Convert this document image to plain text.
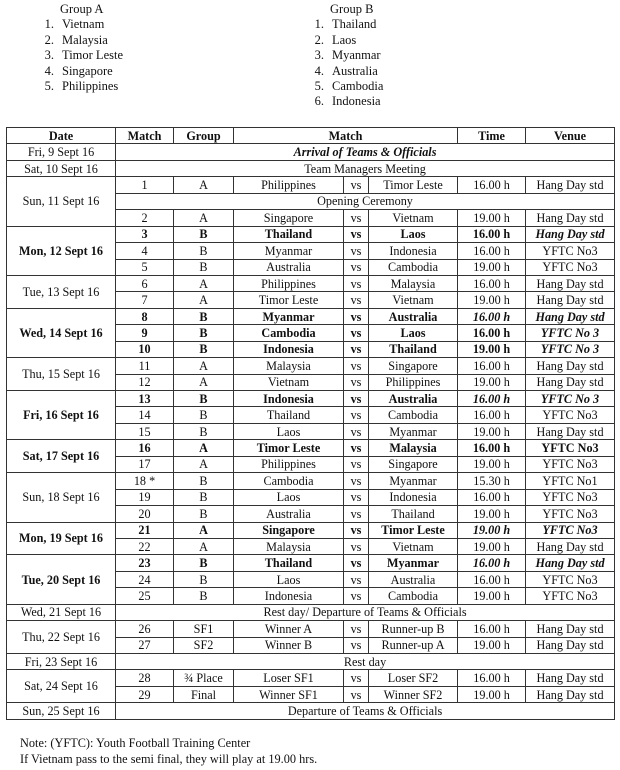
Group A
1. Vietnam
2. Malaysia
3. Timor Leste
4. Singapore
5. Philippines
Group B
1. Thailand
2. Laos
3. Myanmar
4. Australia
5. Cambodia
6. Indonesia
Date	Match	Group	Match			Time	Venue
Fri, 9 Sept 16	Arrival of Teams & Officials						
Sat, 10 Sept 16	Team Managers Meeting						
Sun, 11 Sept 16	1	A	Philippines	vs	Timor Leste	16.00 h	Hang Day std
	Opening Ceremony						
	2	A	Singapore	vs	Vietnam	19.00 h	Hang Day std
Mon, 12 Sept 16	3	B	Thailand	vs	Laos	16.00 h	Hang Day std
	4	B	Myanmar	vs	Indonesia	16.00 h	YFTC No3
	5	B	Australia	vs	Cambodia	19.00 h	YFTC No3
Tue, 13 Sept 16	6	A	Philippines	vs	Malaysia	16.00 h	Hang Day std
	7	A	Timor Leste	vs	Vietnam	19.00 h	Hang Day std
Wed, 14 Sept 16	8	B	Myanmar	vs	Australia	16.00 h	Hang Day std
	9	B	Cambodia	vs	Laos	16.00 h	YFTC No 3
	10	B	Indonesia	vs	Thailand	19.00 h	YFTC No 3
Thu, 15 Sept 16	11	A	Malaysia	vs	Singapore	16.00 h	Hang Day std
	12	A	Vietnam	vs	Philippines	19.00 h	Hang Day std
Fri, 16 Sept 16	13	B	Indonesia	vs	Australia	16.00 h	YFTC No 3
	14	B	Thailand	vs	Cambodia	16.00 h	YFTC No3
	15	B	Laos	vs	Myanmar	19.00 h	Hang Day std
Sat, 17 Sept 16	16	A	Timor Leste	vs	Malaysia	16.00 h	YFTC No3
	17	A	Philippines	vs	Singapore	19.00 h	YFTC No3
Sun, 18 Sept 16	18 *	B	Cambodia	vs	Myanmar	15.30 h	YFTC No1
	19	B	Laos	vs	Indonesia	16.00 h	YFTC No3
	20	B	Australia	vs	Thailand	19.00 h	YFTC No3
Mon, 19 Sept 16	21	A	Singapore	vs	Timor Leste	19.00 h	YFTC No3
	22	A	Malaysia	vs	Vietnam	19.00 h	Hang Day std
Tue, 20 Sept 16	23	B	Thailand	vs	Myanmar	16.00 h	Hang Day std
	24	B	Laos	vs	Australia	16.00 h	YFTC No3
	25	B	Indonesia	vs	Cambodia	19.00 h	YFTC No3
Wed, 21 Sept 16	Rest day/ Departure of Teams & Officials						
Thu, 22 Sept 16	26	SF1	Winner A	vs	Runner-up B	16.00 h	Hang Day std
	27	SF2	Winner B	vs	Runner-up A	19.00 h	Hang Day std
Fri, 23 Sept 16	Rest day						
Sat, 24 Sept 16	28	¾ Place	Loser SF1	vs	Loser SF2	16.00 h	Hang Day std
	29	Final	Winner SF1	vs	Winner SF2	19.00 h	Hang Day std
Sun, 25 Sept 16	Departure of Teams & Officials						
Note: (YFTC): Youth Football Training Center
If Vietnam pass to the semi final, they will play at 19.00 hrs.
